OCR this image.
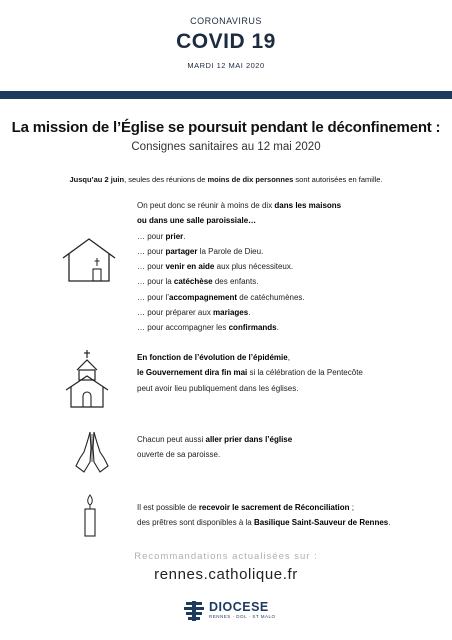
CORONAVIRUS
COVID 19
MARDI 12 MAI 2020
La mission de l’Église se poursuit pendant le déconfinement :
Consignes sanitaires au 12 mai 2020
Jusqu’au 2 juin, seules des réunions de moins de dix personnes sont autorisées en famille.
On peut donc se réunir à moins de dix dans les maisons
ou dans une salle paroissiale…
… pour prier.
… pour partager la Parole de Dieu.
… pour venir en aide aux plus nécessiteux.
… pour la catéchèse des enfants.
… pour l’accompagnement de catéchumènes.
… pour préparer aux mariages.
… pour accompagner les confirmands.
En fonction de l’évolution de l’épidémie,
le Gouvernement dira fin mai si la célébration de la Pentecôte
peut avoir lieu publiquement dans les églises.
Chacun peut aussi aller prier dans l’église
ouverte de sa paroisse.
Il est possible de recevoir le sacrement de Réconciliation ;
des prêtres sont disponibles à la Basilique Saint-Sauveur de Rennes.
Recommandations actualisées sur :
rennes.catholique.fr
DIOCESE
RENNES · DOL · ST MALO
